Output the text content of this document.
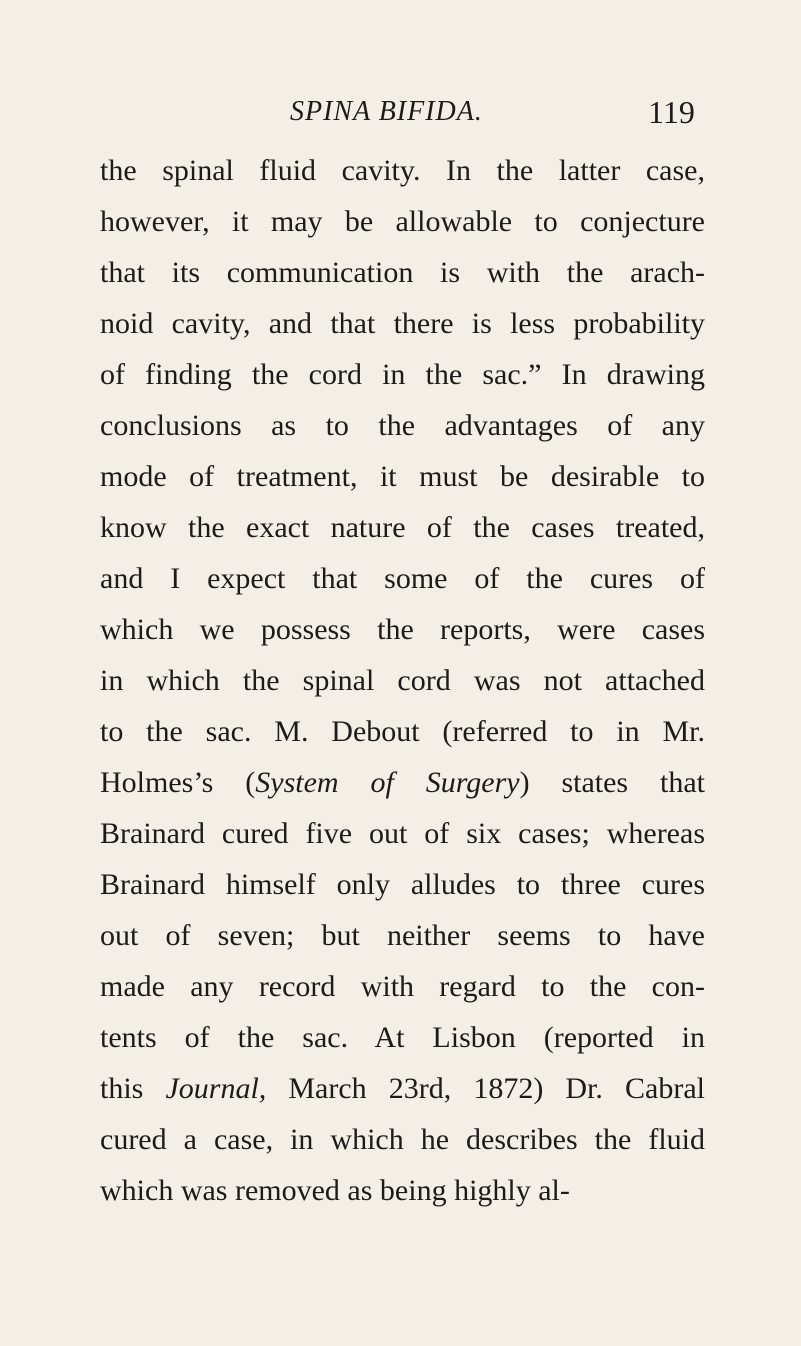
SPINA BIFIDA.	119
the spinal fluid cavity. In the latter case,
however, it may be allowable to conjecture
that its communication is with the arach-
noid cavity, and that there is less probability
of finding the cord in the sac.” In drawing
conclusions as to the advantages of any
mode of treatment, it must be desirable to
know the exact nature of the cases treated,
and I expect that some of the cures of
which we possess the reports, were cases
in which the spinal cord was not attached
to the sac. M. Debout (referred to in Mr.
Holmes’s (System of Surgery) states that
Brainard cured five out of six cases; whereas
Brainard himself only alludes to three cures
out of seven; but neither seems to have
made any record with regard to the con-
tents of the sac. At Lisbon (reported in
this Journal, March 23rd, 1872) Dr. Cabral
cured a case, in which he describes the fluid
which was removed as being highly al-
